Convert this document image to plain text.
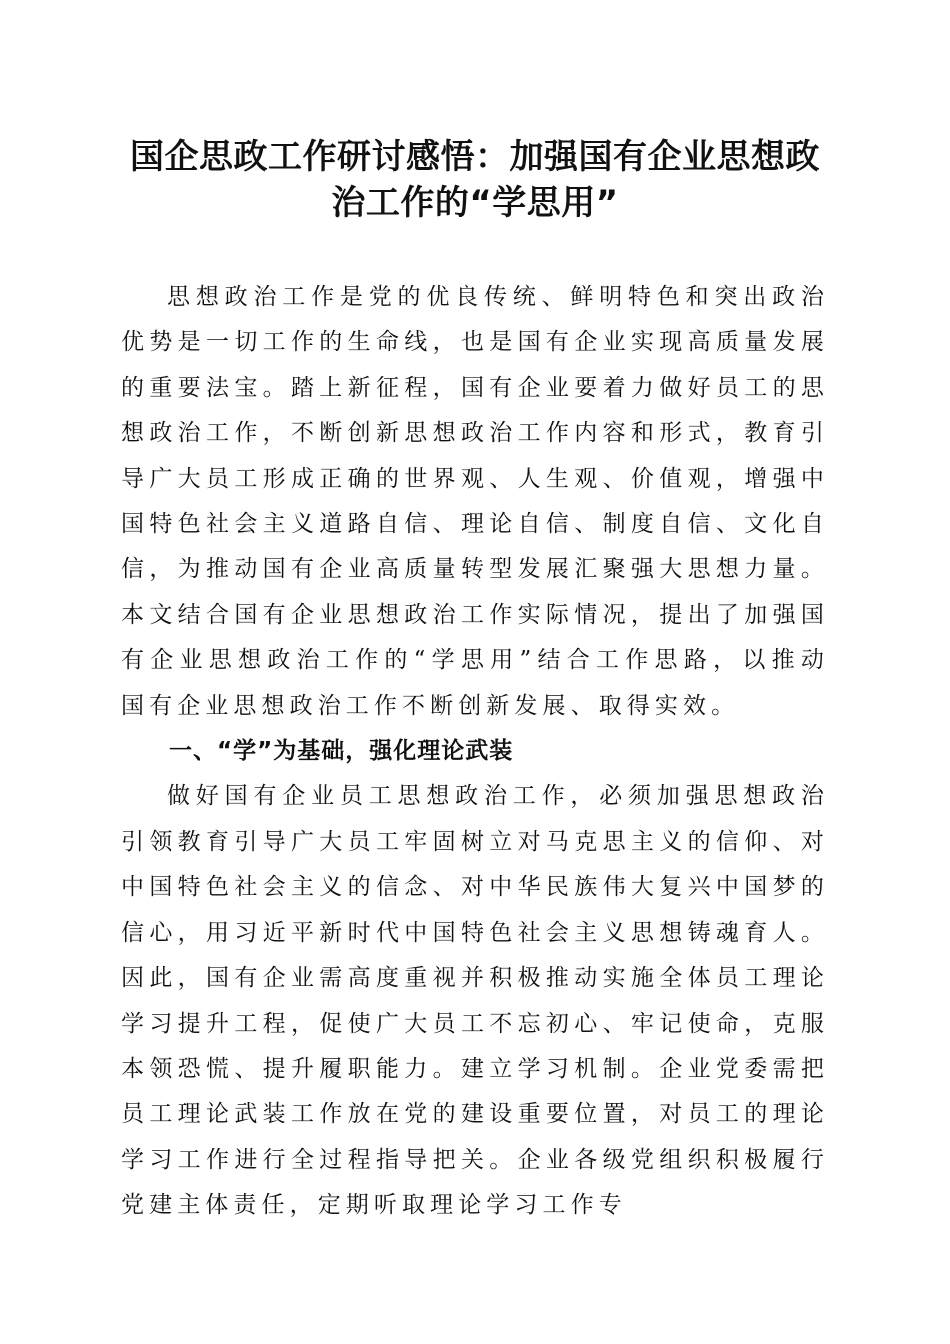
国企思政工作研讨感悟：加强国有企业思想政
治工作的“学思用”

思想政治工作是党的优良传统、鲜明特色和突出政治优势是一切工作的生命线，也是国有企业实现高质量发展的重要法宝。踏上新征程，国有企业要着力做好员工的思想政治工作，不断创新思想政治工作内容和形式，教育引导广大员工形成正确的世界观、人生观、价值观，增强中国特色社会主义道路自信、理论自信、制度自信、文化自信，为推动国有企业高质量转型发展汇聚强大思想力量。本文结合国有企业思想政治工作实际情况，提出了加强国有企业思想政治工作的“学思用”结合工作思路，以推动国有企业思想政治工作不断创新发展、取得实效。

一、“学”为基础，强化理论武装

做好国有企业员工思想政治工作，必须加强思想政治引领教育引导广大员工牢固树立对马克思主义的信仰、对中国特色社会主义的信念、对中华民族伟大复兴中国梦的信心，用习近平新时代中国特色社会主义思想铸魂育人。因此，国有企业需高度重视并积极推动实施全体员工理论学习提升工程，促使广大员工不忘初心、牢记使命，克服本领恐慌、提升履职能力。建立学习机制。企业党委需把员工理论武装工作放在党的建设重要位置，对员工的理论学习工作进行全过程指导把关。企业各级党组织积极履行党建主体责任，定期听取理论学习工作专
